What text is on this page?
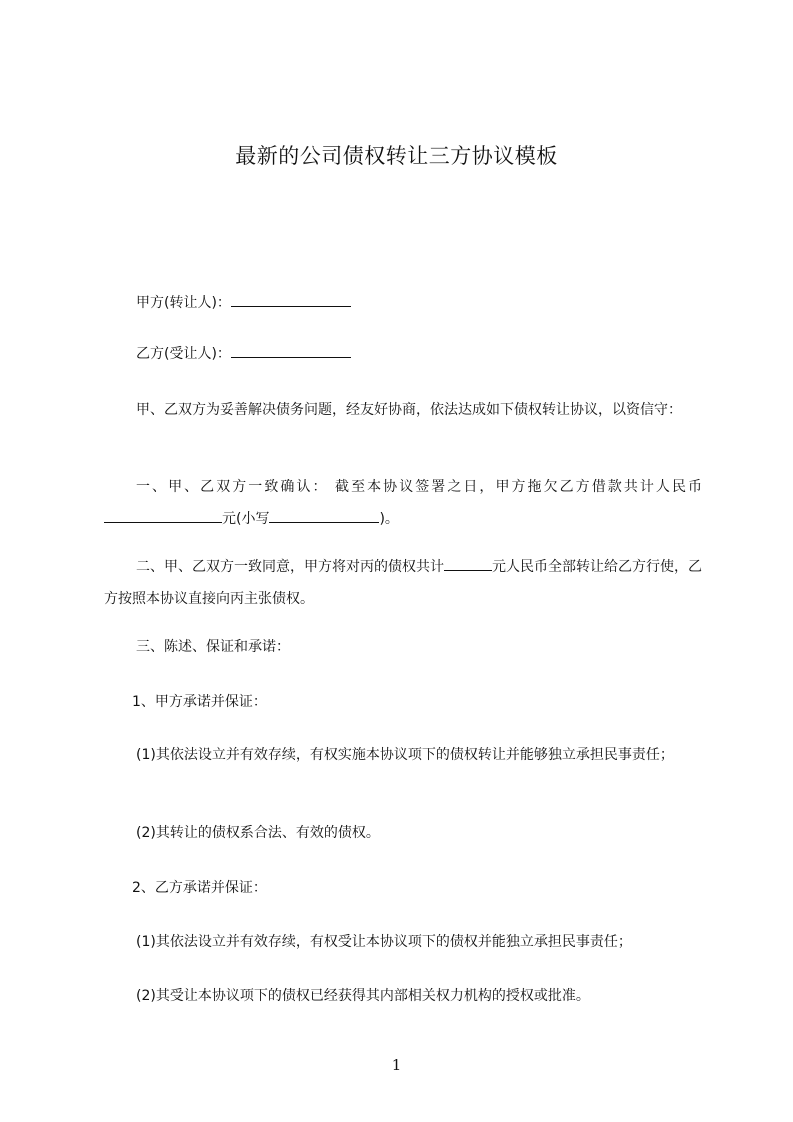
最新的公司债权转让三方协议模板
甲方(转让人)：
乙方(受让人)：
甲、乙双方为妥善解决债务问题，经友好协商，依法达成如下债权转让协议，以资信守：
一、甲、乙双方一致确认： 截至本协议签署之日，甲方拖欠乙方借款共计人民币元(小写	)。
二、甲、乙双方一致同意，甲方将对丙的债权共计	元人民币全部转让给乙方行使，乙方按照本协议直接向丙主张债权。
三、陈述、保证和承诺：
1、甲方承诺并保证：
(1)其依法设立并有效存续，有权实施本协议项下的债权转让并能够独立承担民事责任；
(2)其转让的债权系合法、有效的债权。
2、乙方承诺并保证：
(1)其依法设立并有效存续，有权受让本协议项下的债权并能独立承担民事责任；
(2)其受让本协议项下的债权已经获得其内部相关权力机构的授权或批准。
1
